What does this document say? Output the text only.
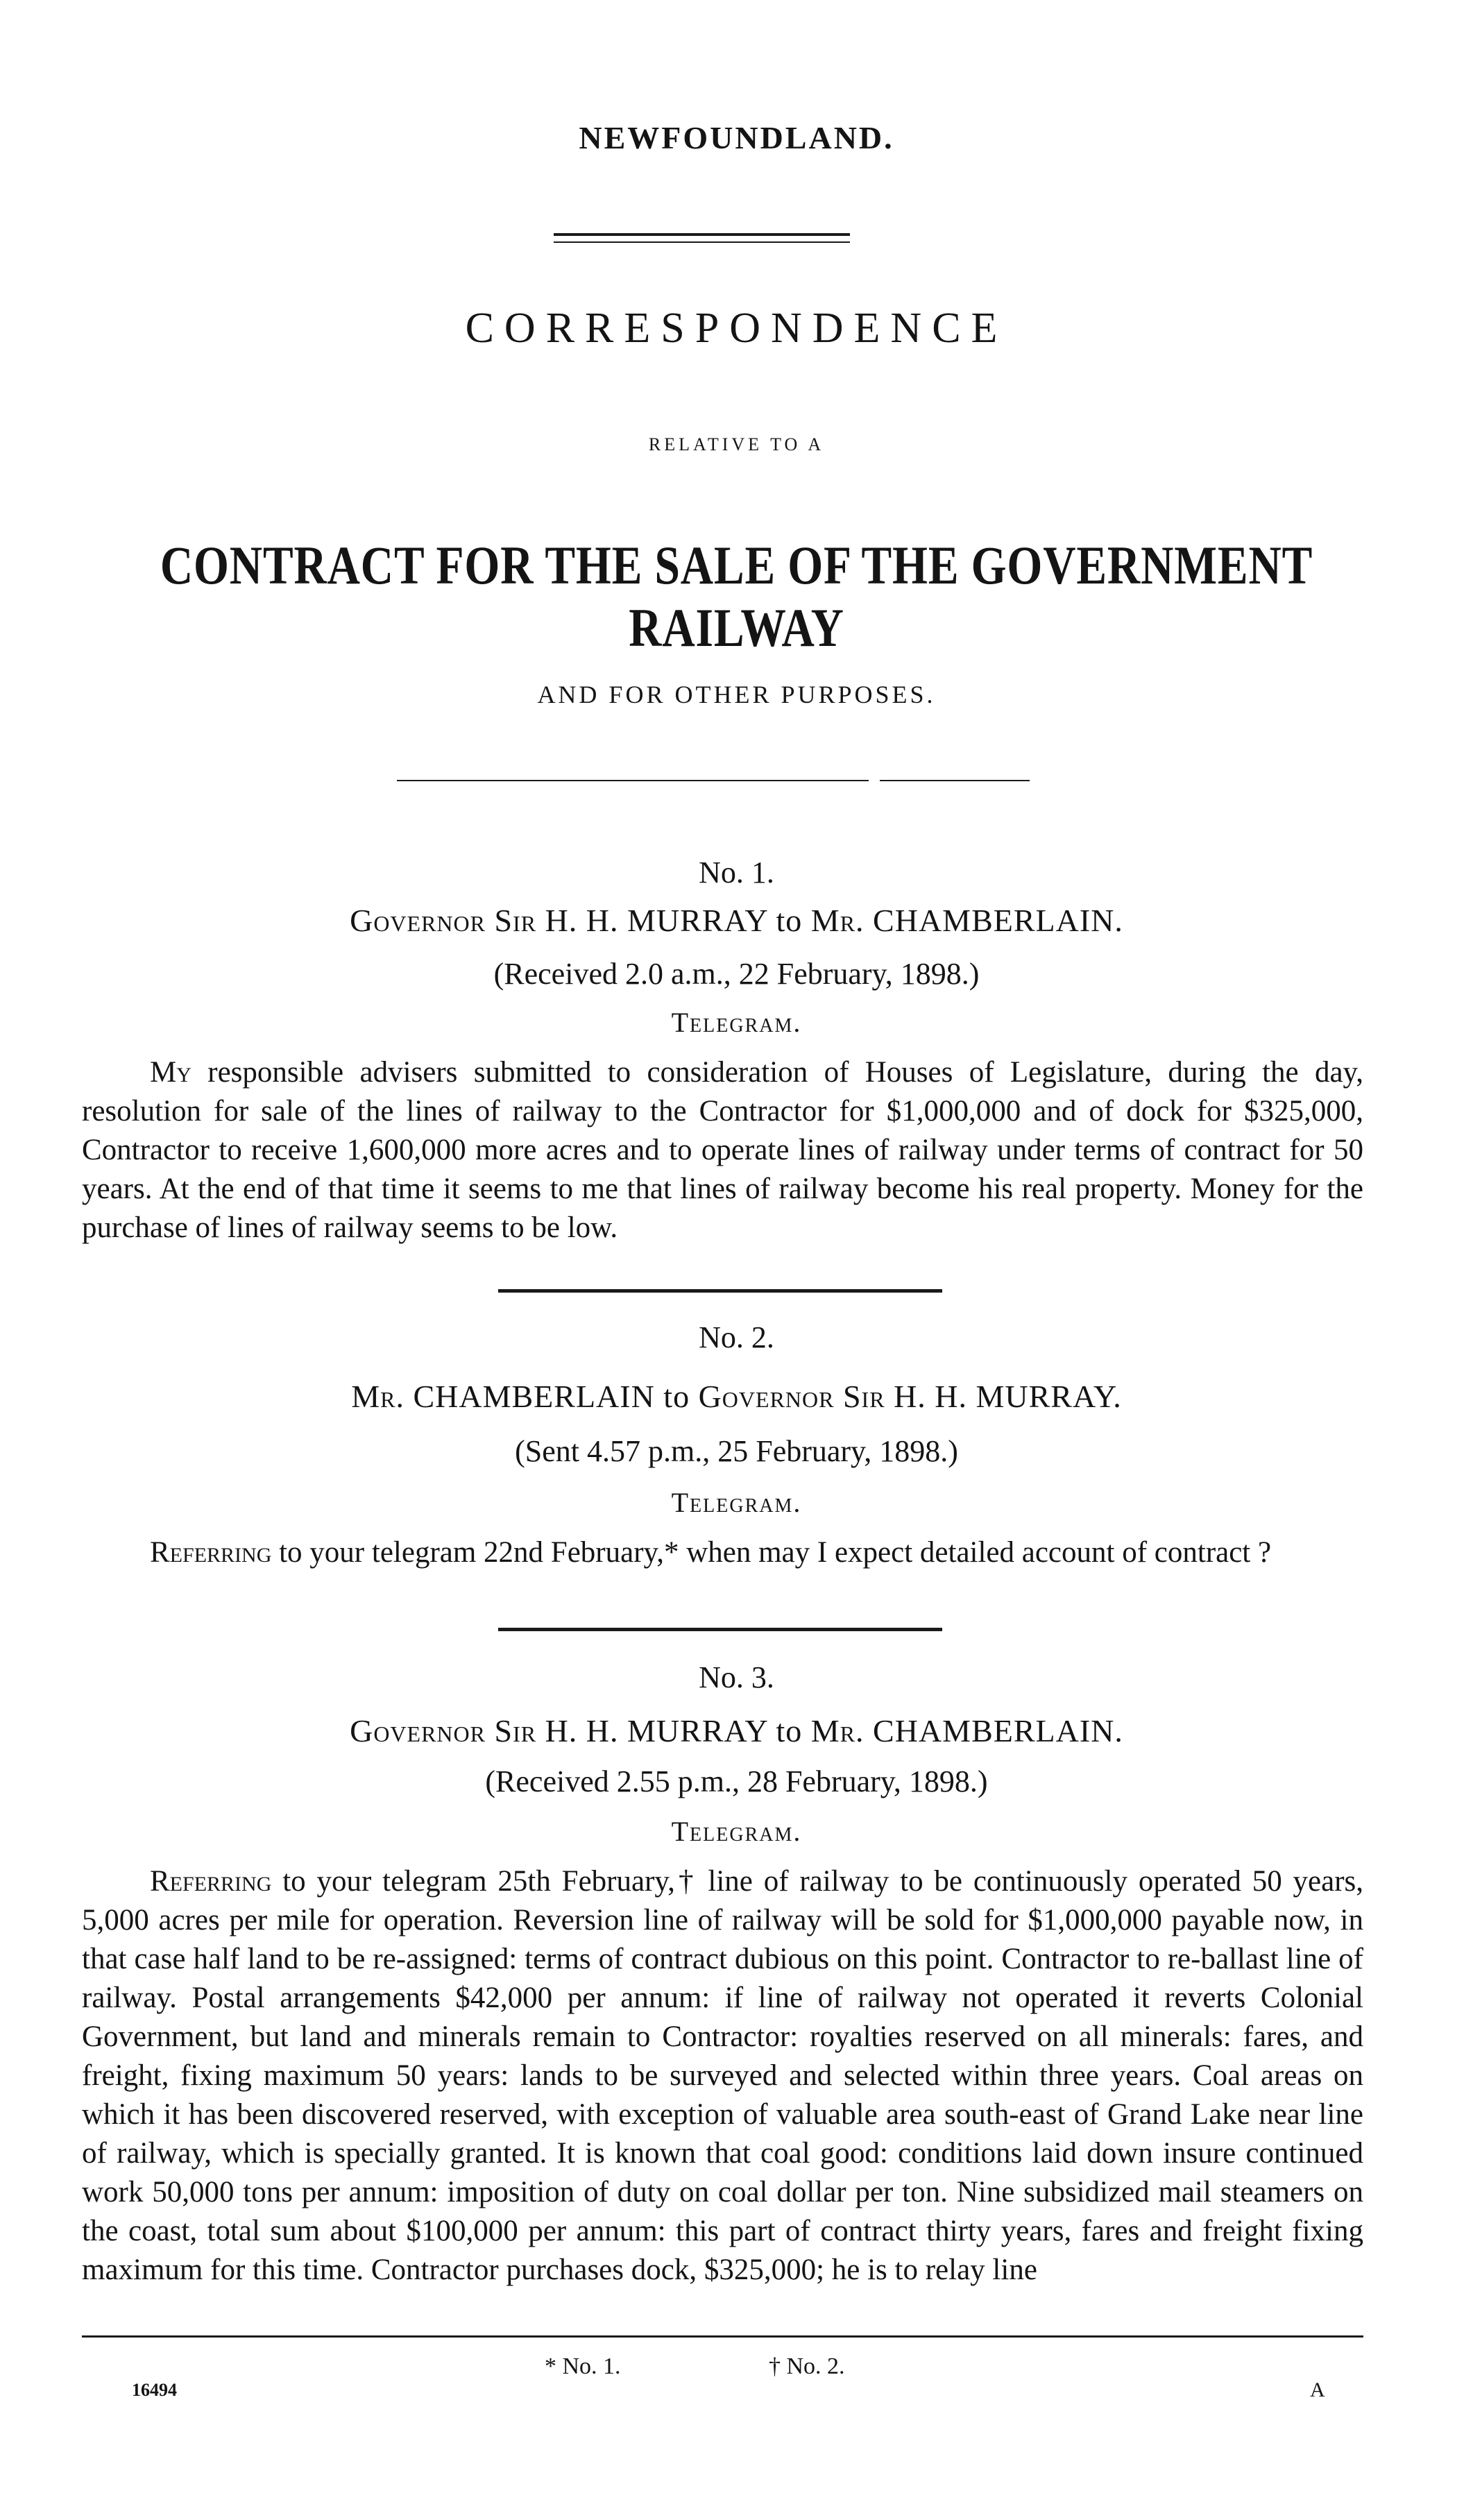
NEWFOUNDLAND.
CORRESPONDENCE
RELATIVE TO A
CONTRACT FOR THE SALE OF THE GOVERNMENT RAILWAY
AND FOR OTHER PURPOSES.
No. 1.
Governor Sir H. H. MURRAY to Mr. CHAMBERLAIN.
(Received 2.0 a.m., 22 February, 1898.)
Telegram.

My responsible advisers submitted to consideration of Houses of Legislature, during the day, resolution for sale of the lines of railway to the Contractor for $1,000,000 and of dock for $325,000, Contractor to receive 1,600,000 more acres and to operate lines of railway under terms of contract for 50 years. At the end of that time it seems to me that lines of railway become his real property. Money for the purchase of lines of railway seems to be low.

No. 2.
Mr. CHAMBERLAIN to Governor Sir H. H. MURRAY.
(Sent 4.57 p.m., 25 February, 1898.)
Telegram.

Referring to your telegram 22nd February,* when may I expect detailed account of contract ?

No. 3.
Governor Sir H. H. MURRAY to Mr. CHAMBERLAIN.
(Received 2.55 p.m., 28 February, 1898.)
Telegram.

Referring to your telegram 25th February,† line of railway to be continuously operated 50 years, 5,000 acres per mile for operation. Reversion line of railway will be sold for $1,000,000 payable now, in that case half land to be re-assigned: terms of contract dubious on this point. Contractor to re-ballast line of railway. Postal arrangements $42,000 per annum: if line of railway not operated it reverts Colonial Government, but land and minerals remain to Contractor: royalties reserved on all minerals: fares, and freight, fixing maximum 50 years: lands to be surveyed and selected within three years. Coal areas on which it has been discovered reserved, with exception of valuable area south-east of Grand Lake near line of railway, which is specially granted. It is known that coal good: conditions laid down insure continued work 50,000 tons per annum: imposition of duty on coal dollar per ton. Nine subsidized mail steamers on the coast, total sum about $100,000 per annum: this part of contract thirty years, fares and freight fixing maximum for this time. Contractor purchases dock, $325,000; he is to relay line

* No. 1.	† No. 2.
16494	A
